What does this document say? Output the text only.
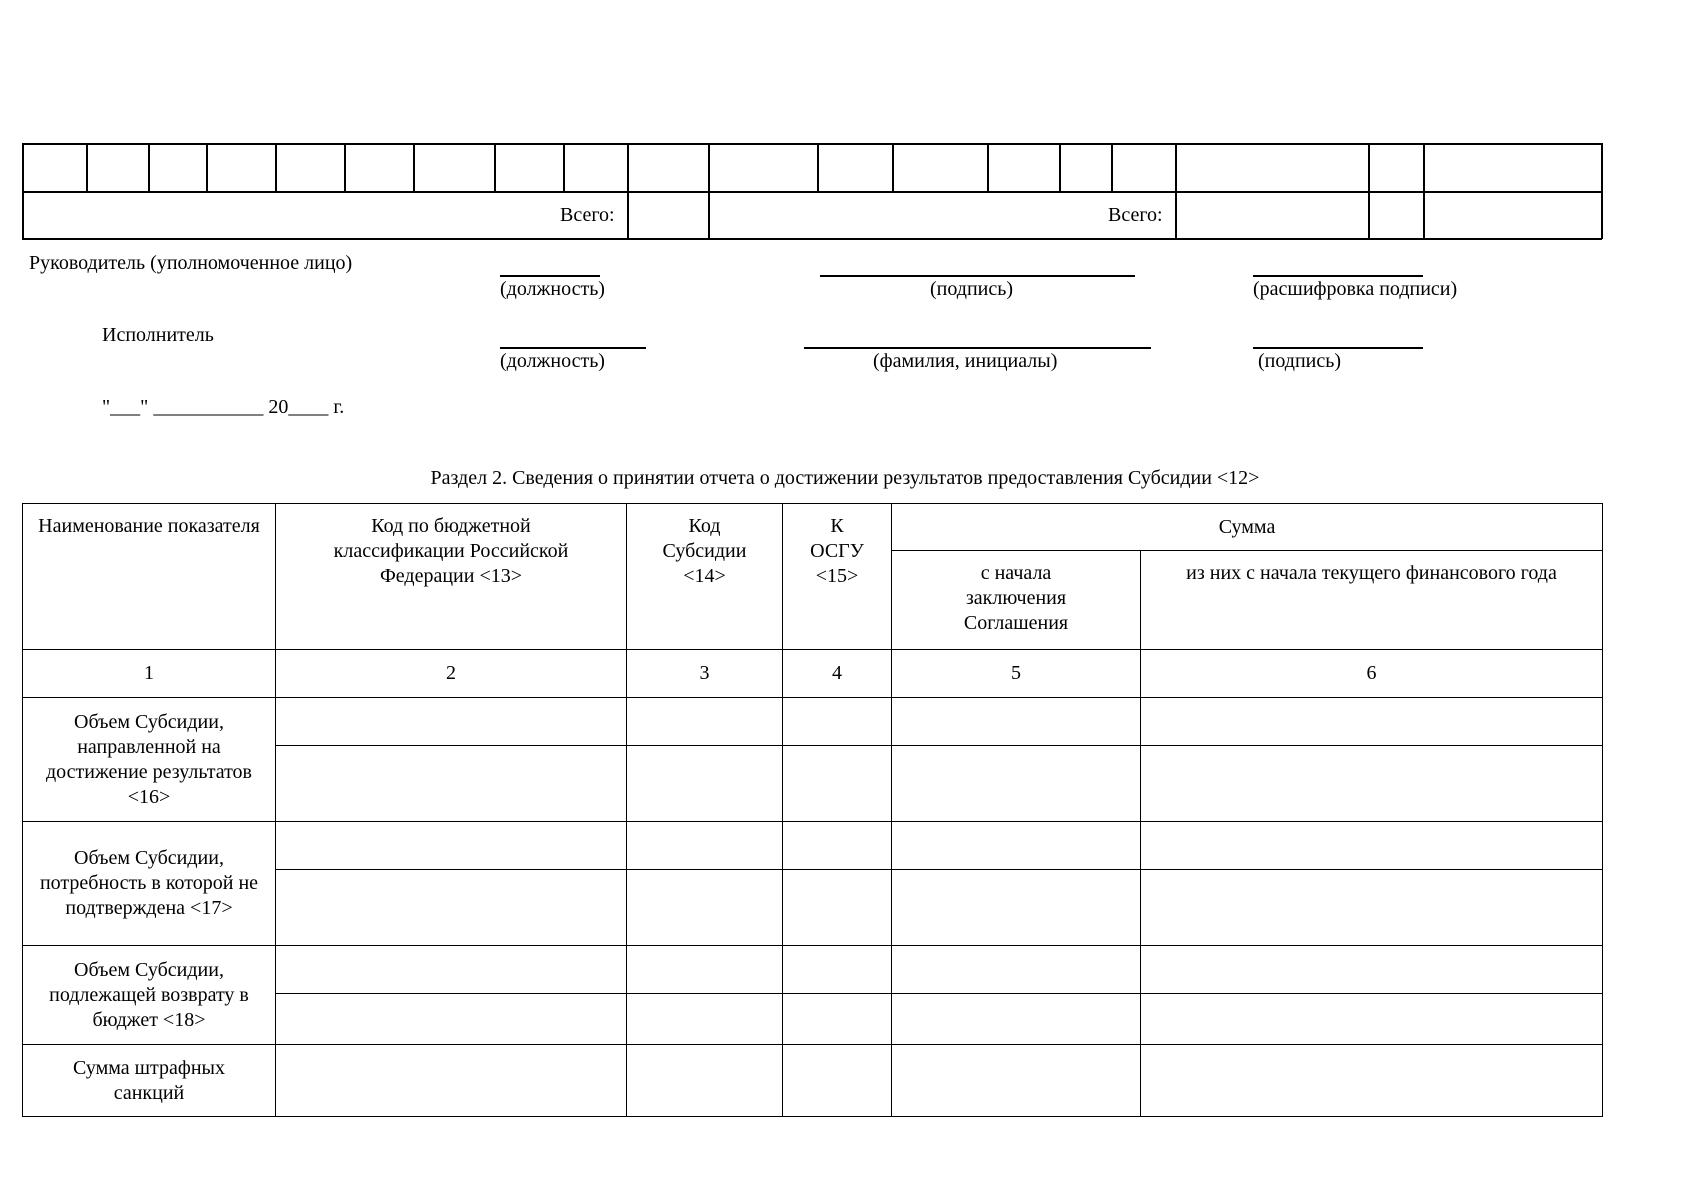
Всего:	Всего:
Руководитель (уполномоченное лицо)
(должность)	(подпись)	(расшифровка подписи)
Исполнитель
(должность)	(фамилия, инициалы)	(подпись)
"___" ___________ 20____ г.
Раздел 2. Сведения о принятии отчета о достижении результатов предоставления Субсидии <12>
Наименование показателя	Код по бюджетной классификации Российской Федерации <13>	Код Субсидии <14>	К ОСГУ <15>	Сумма	

				с начала заключения Соглашения	из них с начала текущего финансового года

1	2	3	4	5	6

Объем Субсидии, направленной на достижение результатов <16>					

Объем Субсидии, потребность в которой не подтверждена <17>					

Объем Субсидии, подлежащей возврату в бюджет <18>					

Сумма штрафных санкций					
